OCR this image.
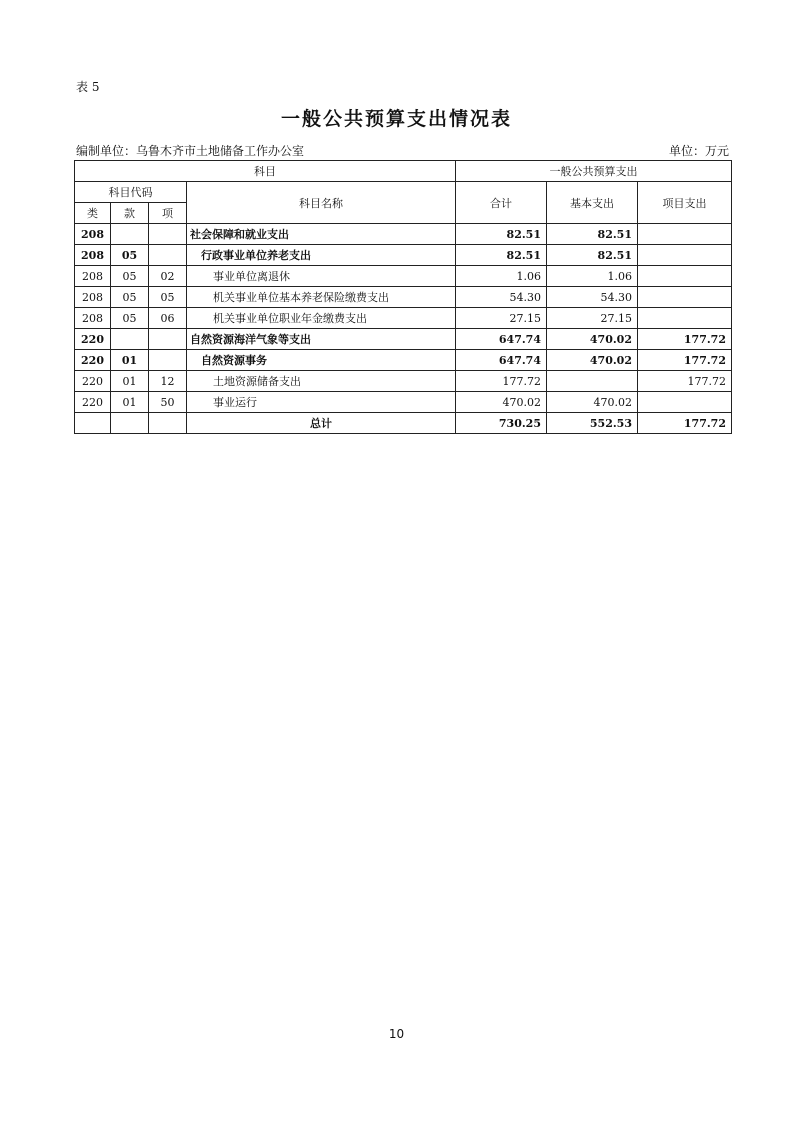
表 5
一般公共预算支出情况表
编制单位：乌鲁木齐市土地储备工作办公室	单位：万元
科目				一般公共预算支出		
科目代码			科目名称	合计	基本支出	项目支出
类	款	项				
208			社会保障和就业支出	82.51	82.51	
208	05		行政事业单位养老支出	82.51	82.51	
208	05	02	事业单位离退休	1.06	1.06	
208	05	05	机关事业单位基本养老保险缴费支出	54.30	54.30	
208	05	06	机关事业单位职业年金缴费支出	27.15	27.15	
220			自然资源海洋气象等支出	647.74	470.02	177.72
220	01		自然资源事务	647.74	470.02	177.72
220	01	12	土地资源储备支出	177.72		177.72
220	01	50	事业运行	470.02	470.02	
			总计	730.25	552.53	177.72
10
